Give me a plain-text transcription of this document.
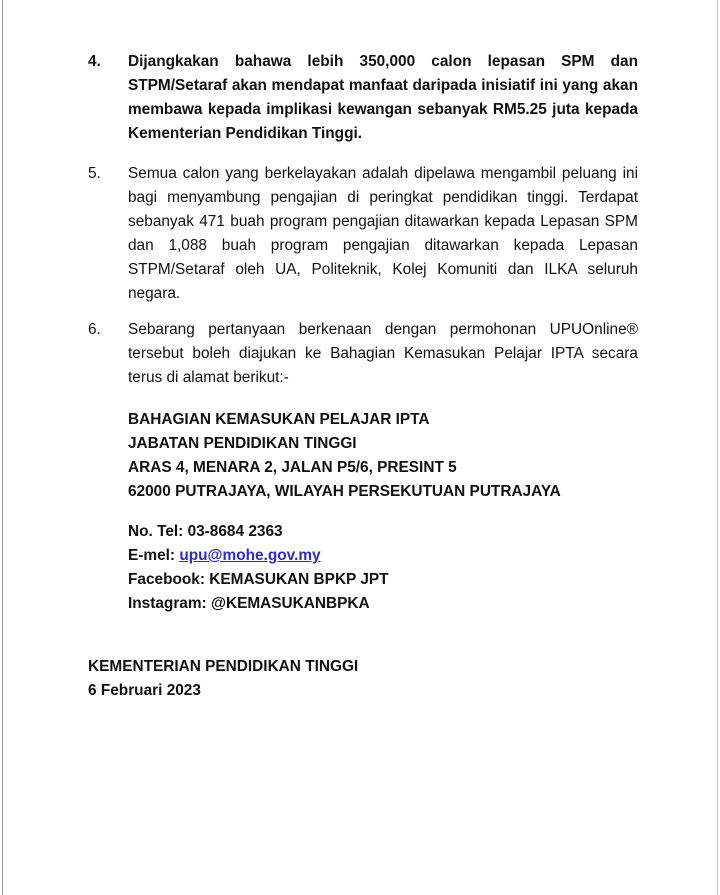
4.	Dijangkakan bahawa lebih 350,000 calon lepasan SPM dan STPM/Setaraf akan mendapat manfaat daripada inisiatif ini yang akan membawa kepada implikasi kewangan sebanyak RM5.25 juta kepada Kementerian Pendidikan Tinggi.
5.	Semua calon yang berkelayakan adalah dipelawa mengambil peluang ini bagi menyambung pengajian di peringkat pendidikan tinggi. Terdapat sebanyak 471 buah program pengajian ditawarkan kepada Lepasan SPM dan 1,088 buah program pengajian ditawarkan kepada Lepasan STPM/Setaraf oleh UA, Politeknik, Kolej Komuniti dan ILKA seluruh negara.
6.	Sebarang pertanyaan berkenaan dengan permohonan UPUOnline® tersebut boleh diajukan ke Bahagian Kemasukan Pelajar IPTA secara terus di alamat berikut:-
BAHAGIAN KEMASUKAN PELAJAR IPTA
JABATAN PENDIDIKAN TINGGI
ARAS 4, MENARA 2, JALAN P5/6, PRESINT 5
62000 PUTRAJAYA, WILAYAH PERSEKUTUAN PUTRAJAYA
No. Tel: 03-8684 2363
E-mel: upu@mohe.gov.my
Facebook: KEMASUKAN BPKP JPT
Instagram: @KEMASUKANBPKA
KEMENTERIAN PENDIDIKAN TINGGI
6 Februari 2023
